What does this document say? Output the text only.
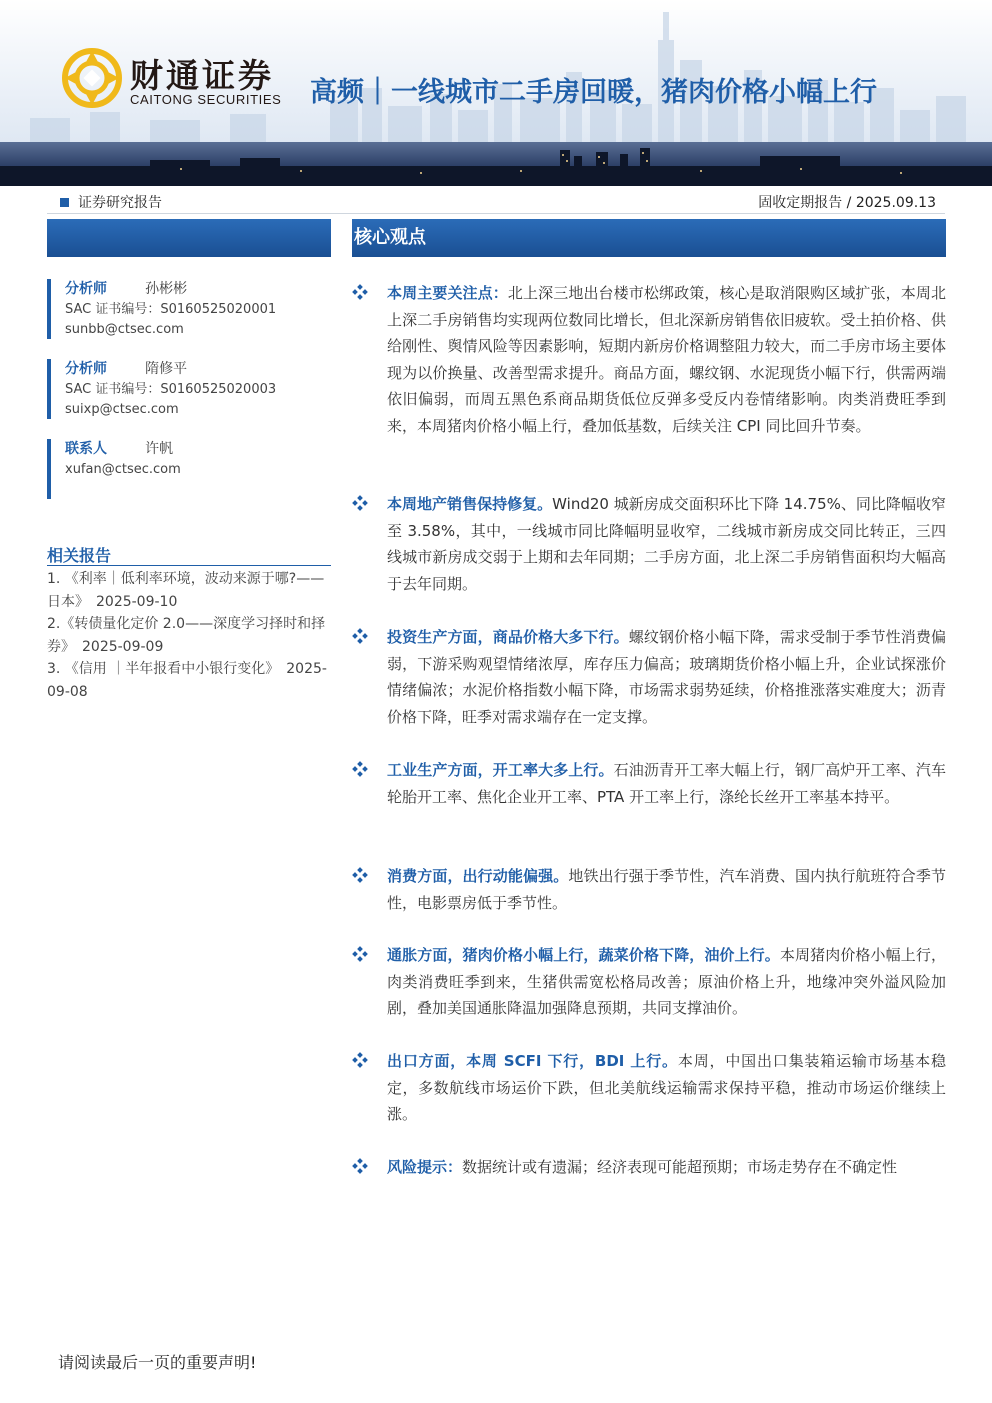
财通证券
CAITONG SECURITIES 高频｜一线城市二手房回暖，猪肉价格小幅上行
证券研究报告	固收定期报告 / 2025.09.13
分析师	孙彬彬
SAC 证书编号：S0160525020001
sunbb@ctsec.com
分析师	隋修平
SAC 证书编号：S0160525020003
suixp@ctsec.com
联系人	许帆
xufan@ctsec.com
相关报告
1. 《利率｜低利率环境，波动来源于哪?——日本》　2025-09-10
2.《转债量化定价 2.0——深度学习择时和择券》　2025-09-09
3. 《信用 ｜半年报看中小银行变化》　2025-09-08
核心观点
本周主要关注点：北上深三地出台楼市松绑政策，核心是取消限购区域扩张，本周北上深二手房销售均实现两位数同比增长，但北深新房销售依旧疲软。受土拍价格、供给刚性、舆情风险等因素影响，短期内新房价格调整阻力较大，而二手房市场主要体现为以价换量、改善型需求提升。商品方面，螺纹钢、水泥现货小幅下行，供需两端依旧偏弱，而周五黑色系商品期货低位反弹多受反内卷情绪影响。肉类消费旺季到来，本周猪肉价格小幅上行，叠加低基数，后续关注 CPI 同比回升节奏。
本周地产销售保持修复。Wind20 城新房成交面积环比下降 14.75%、同比降幅收窄至 3.58%，其中，一线城市同比降幅明显收窄，二线城市新房成交同比转正，三四线城市新房成交弱于上期和去年同期；二手房方面，北上深二手房销售面积均大幅高于去年同期。
投资生产方面，商品价格大多下行。螺纹钢价格小幅下降，需求受制于季节性消费偏弱，下游采购观望情绪浓厚，库存压力偏高；玻璃期货价格小幅上升，企业试探涨价情绪偏浓；水泥价格指数小幅下降，市场需求弱势延续，价格推涨落实难度大；沥青价格下降，旺季对需求端存在一定支撑。
工业生产方面，开工率大多上行。石油沥青开工率大幅上行，钢厂高炉开工率、汽车轮胎开工率、焦化企业开工率、PTA 开工率上行，涤纶长丝开工率基本持平。
消费方面，出行动能偏强。地铁出行强于季节性，汽车消费、国内执行航班符合季节性，电影票房低于季节性。
通胀方面，猪肉价格小幅上行，蔬菜价格下降，油价上行。本周猪肉价格小幅上行，肉类消费旺季到来，生猪供需宽松格局改善；原油价格上升，地缘冲突外溢风险加剧，叠加美国通胀降温加强降息预期，共同支撑油价。
出口方面，本周 SCFI 下行，BDI 上行。本周，中国出口集装箱运输市场基本稳定，多数航线市场运价下跌，但北美航线运输需求保持平稳，推动市场运价继续上涨。
风险提示：数据统计或有遗漏；经济表现可能超预期；市场走势存在不确定性
请阅读最后一页的重要声明!
